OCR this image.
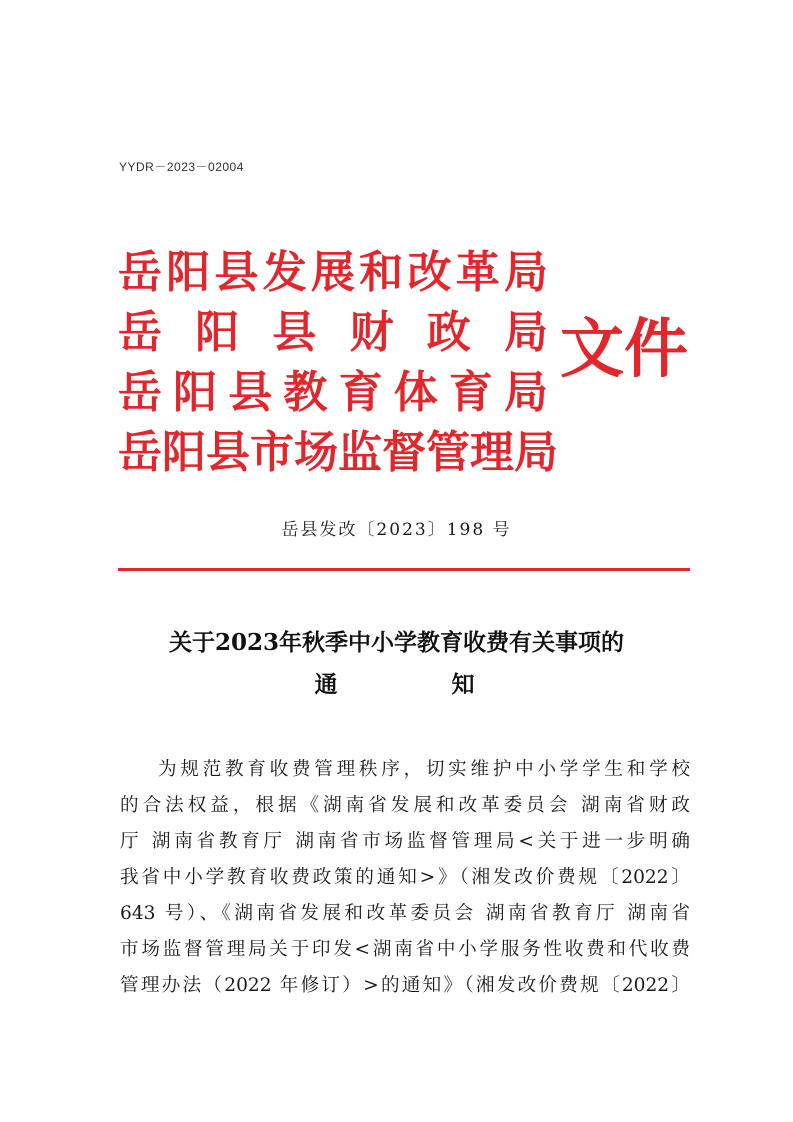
YYDR－2023－02004
岳阳县发展和改革局
岳阳县财政局
岳阳县教育体育局
岳阳县市场监督管理局
文件
岳县发改〔2023〕198 号
关于2023年秋季中小学教育收费有关事项的
通	知
为规范教育收费管理秩序，切实维护中小学学生和学校
的合法权益，根据《湖南省发展和改革委员会 湖南省财政
厅 湖南省教育厅 湖南省市场监督管理局<关于进一步明确
我省中小学教育收费政策的通知>》（湘发改价费规〔2022〕
643 号）、《湖南省发展和改革委员会 湖南省教育厅 湖南省
市场监督管理局关于印发<湖南省中小学服务性收费和代收费
管理办法（2022 年修订）>的通知》（湘发改价费规〔2022〕
